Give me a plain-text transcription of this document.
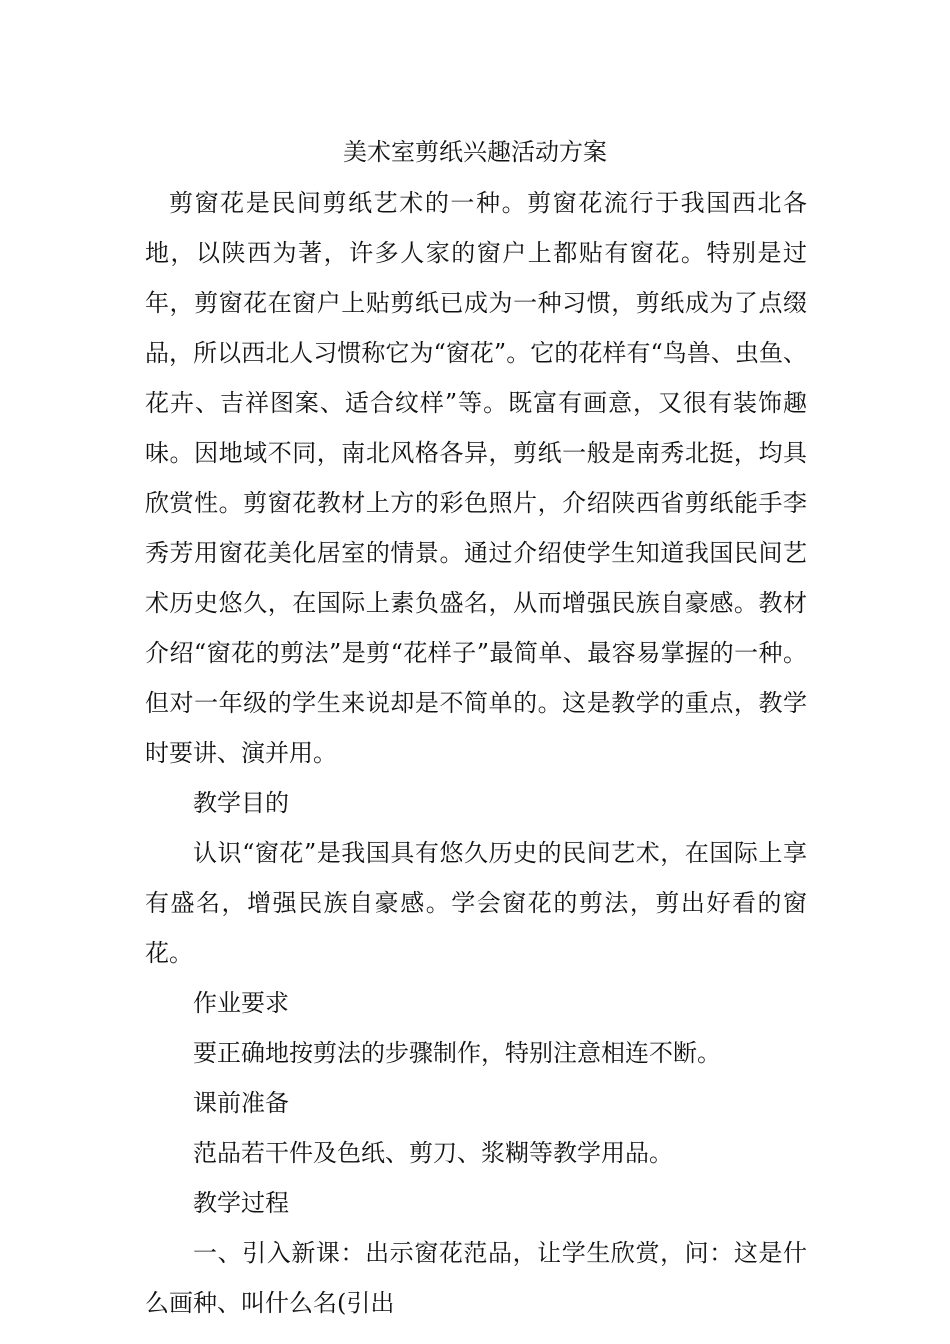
美术室剪纸兴趣活动方案

剪窗花是民间剪纸艺术的一种。剪窗花流行于我国西北各地，以陕西为著，许多人家的窗户上都贴有窗花。特别是过年，剪窗花在窗户上贴剪纸已成为一种习惯，剪纸成为了点缀品，所以西北人习惯称它为“窗花”。它的花样有“鸟兽、虫鱼、花卉、吉祥图案、适合纹样”等。既富有画意，又很有装饰趣味。因地域不同，南北风格各异，剪纸一般是南秀北挺，均具欣赏性。剪窗花教材上方的彩色照片，介绍陕西省剪纸能手李秀芳用窗花美化居室的情景。通过介绍使学生知道我国民间艺术历史悠久，在国际上素负盛名，从而增强民族自豪感。教材介绍“窗花的剪法”是剪“花样子”最简单、最容易掌握的一种。但对一年级的学生来说却是不简单的。这是教学的重点，教学时要讲、演并用。

教学目的

认识“窗花”是我国具有悠久历史的民间艺术，在国际上享有盛名，增强民族自豪感。学会窗花的剪法，剪出好看的窗花。

作业要求

要正确地按剪法的步骤制作，特别注意相连不断。

课前准备

范品若干件及色纸、剪刀、浆糊等教学用品。

教学过程

一、引入新课：出示窗花范品，让学生欣赏，问：这是什么画种、叫什么名(引出
